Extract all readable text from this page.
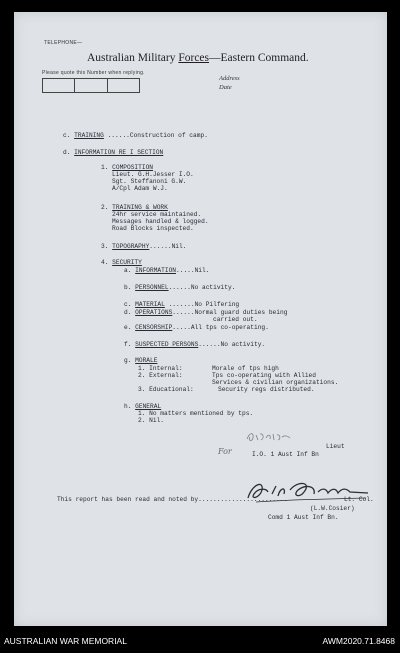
TELEPHONE—
Australian Military Forces—Eastern Command.
Please quote this Number when replying.
Address
Date
c. TRAINING ......Construction of camp.
d. INFORMATION RE I SECTION
1. COMPOSITION
Lieut. G.H.Jesser I.O.
Sgt. Steffanoni G.W.
A/Cpl Adam W.J.
2. TRAINING & WORK
24hr service maintained.
Messages handled & logged.
Road Blocks inspected.
3. TOPOGRAPHY......Nil.
4. SECURITY
a. INFORMATION.....Nil.
b. PERSONNEL......No activity.
c. MATERIAL .......No Pilfering
d. OPERATIONS......Normal guard duties being
carried out.
e. CENSORSHIP.....All tps co-operating.
f. SUSPECTED PERSONS......No activity.
g. MORALE
1. Internal:	Morale of tps high
2. External:	Tps co-operating with Allied
Services & civilian organizations.
3. Educational:	Security regs distributed.
h. GENERAL
1. No matters mentioned by tps.
2. Nil.
For
Lieut
I.O. 1 Aust Inf Bn
This report has been read and noted by........................	Lt. Col.
(L.W.Cosier)
Comd 1 Aust Inf Bn.
AUSTRALIAN WAR MEMORIAL	AWM2020.71.8468
